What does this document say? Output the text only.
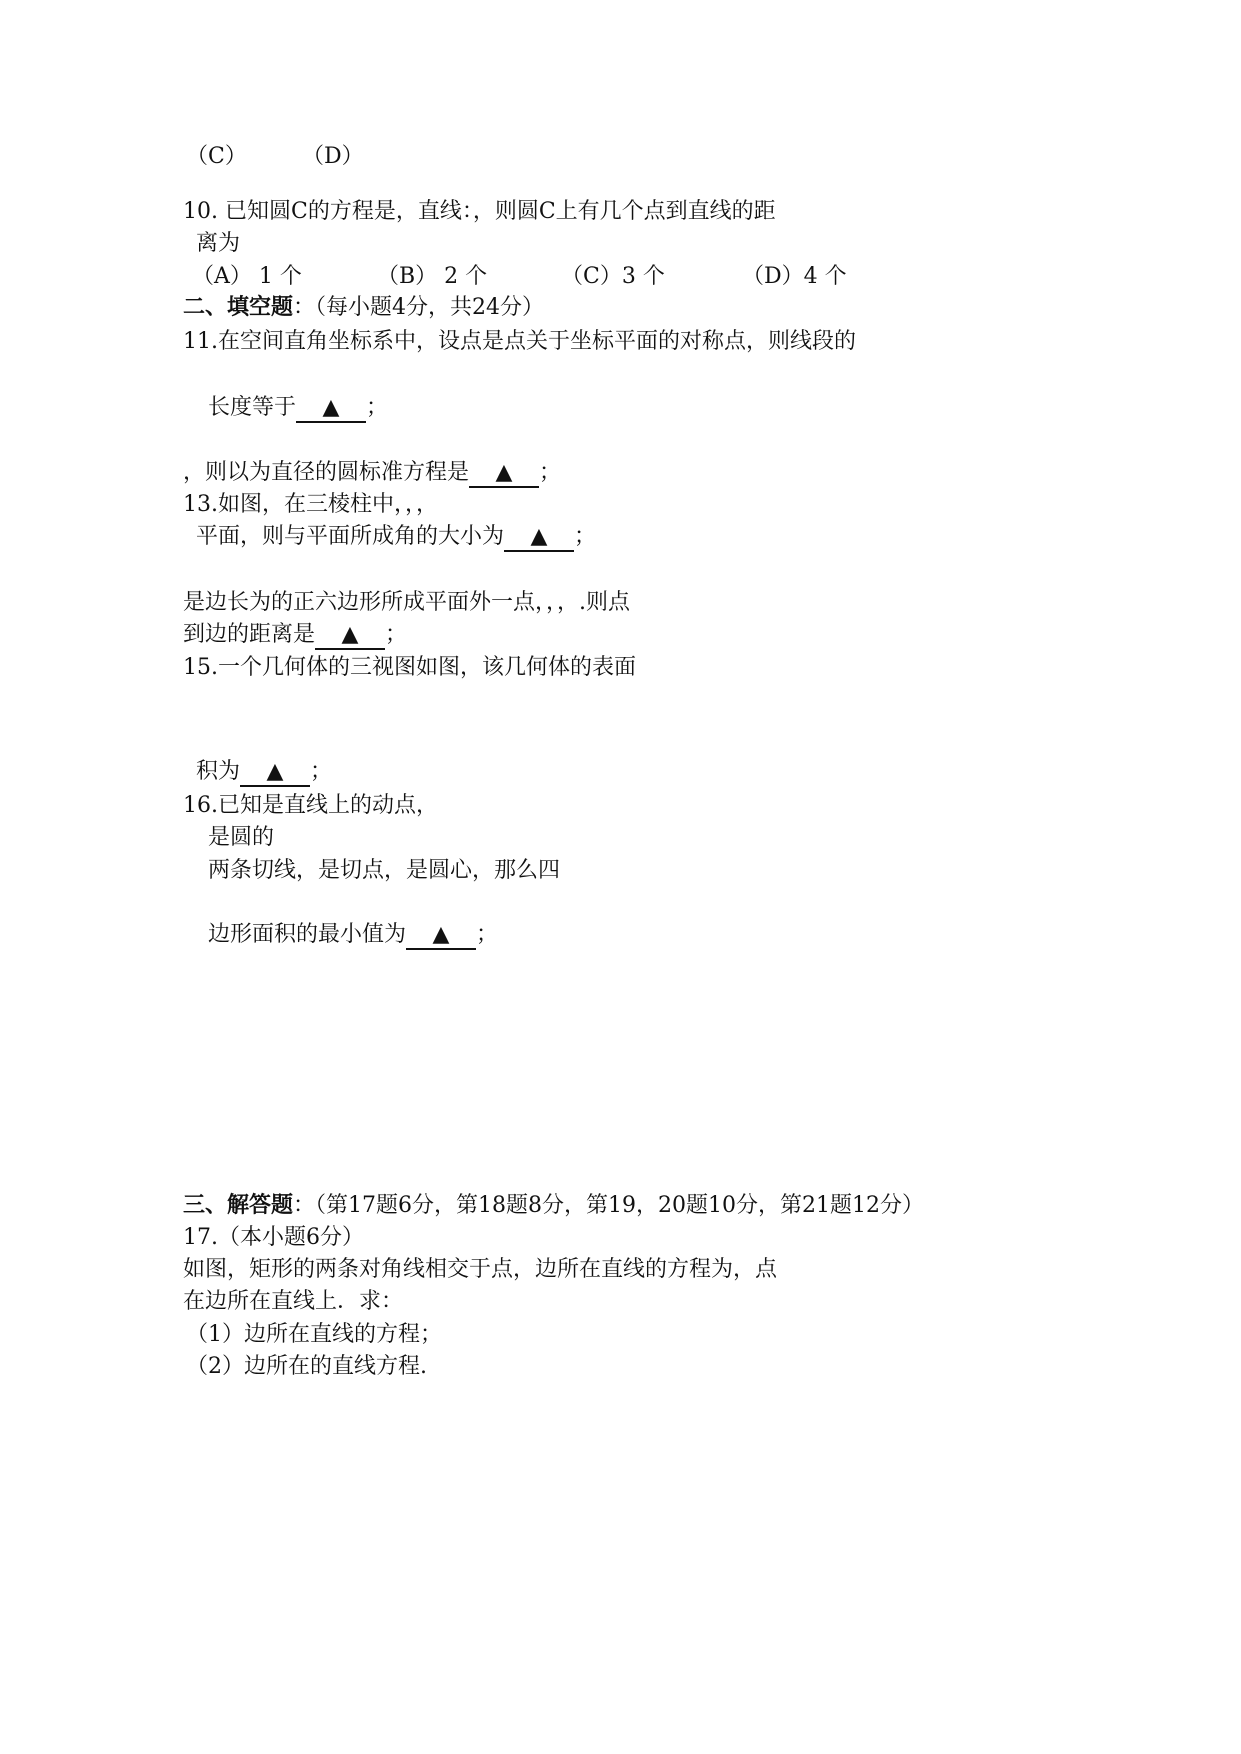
（C）	（D）
10. 已知圆C的方程是，直线：，则圆C上有几个点到直线的距
离为
（A） 1 个	（B） 2 个	（C）3 个	（D）4 个
二、填空题：（每小题4分，共24分）
11.在空间直角坐标系中，设点是点关于坐标平面的对称点，则线段的
长度等于 ▲ ；
，则以为直径的圆标准方程是 ▲ ；
13.如图，在三棱柱中，，，
平面，则与平面所成角的大小为 ▲ ；
是边长为的正六边形所成平面外一点，，，.则点
到边的距离是 ▲ ；
15.一个几何体的三视图如图，该几何体的表面
积为 ▲ ；
16.已知是直线上的动点，
是圆的
两条切线，是切点，是圆心，那么四
边形面积的最小值为 ▲ ；
三、解答题：（第17题6分，第18题8分，第19，20题10分，第21题12分）
17.（本小题6分）
如图，矩形的两条对角线相交于点，边所在直线的方程为，点
在边所在直线上．求：
（1）边所在直线的方程；
（2）边所在的直线方程.
